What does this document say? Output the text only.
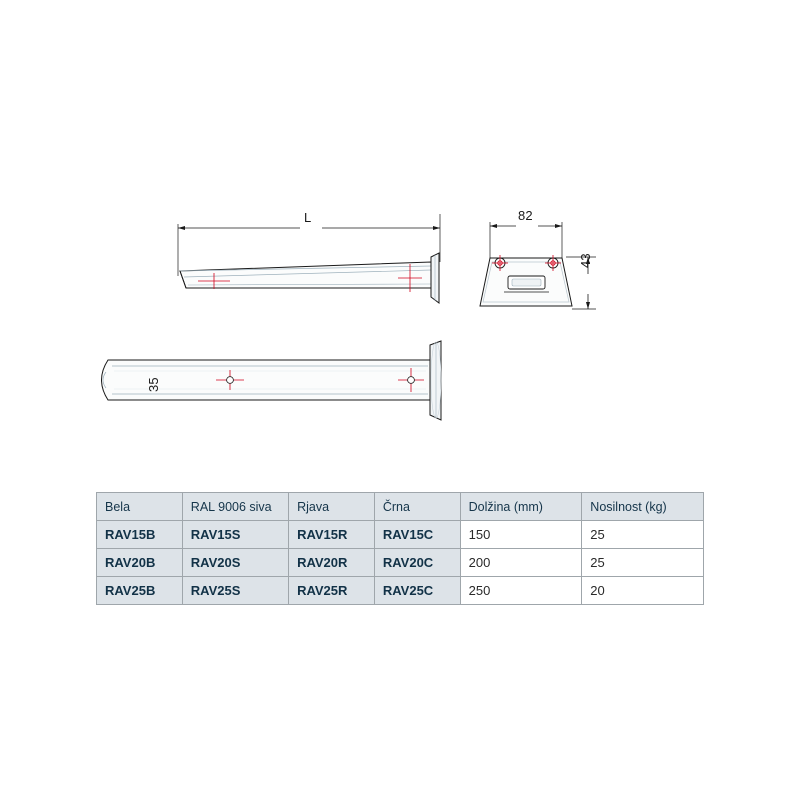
L	82
43
35
Bela	RAL 9006 siva	Rjava	Črna	Dolžina (mm)	Nosilnost (kg)
RAV15B	RAV15S	RAV15R	RAV15C	150	25
RAV20B	RAV20S	RAV20R	RAV20C	200	25
RAV25B	RAV25S	RAV25R	RAV25C	250	20
